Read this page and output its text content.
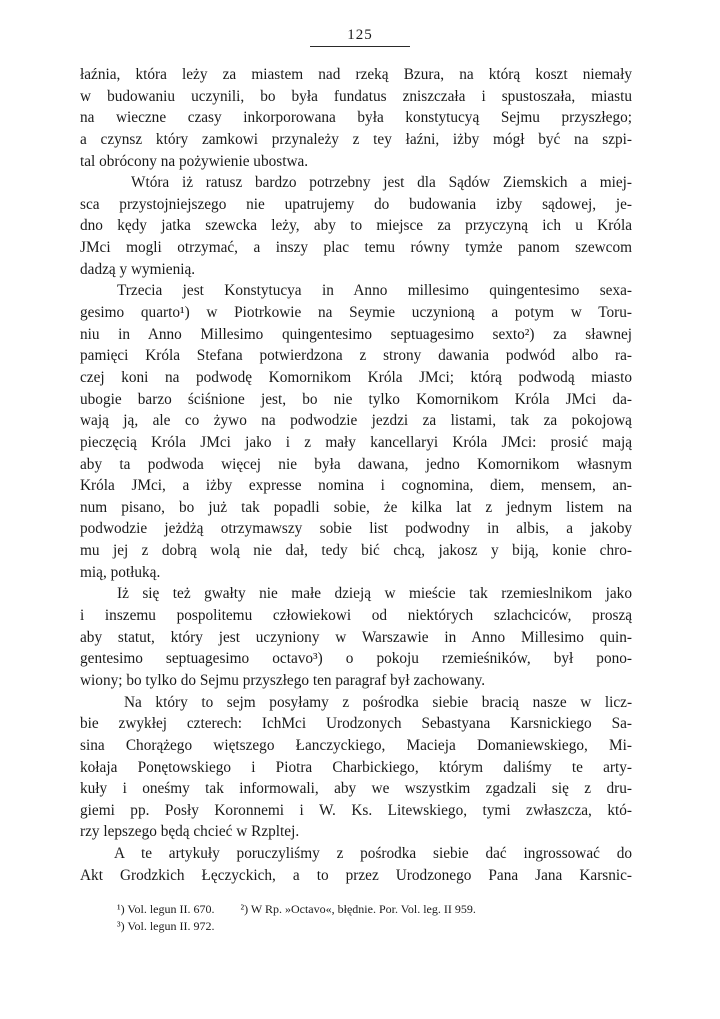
125
łaźnia, która leży za miastem nad rzeką Bzura, na którą koszt niemały
w budowaniu uczynili, bo była fundatus zniszczała i spustoszała, miastu
na wieczne czasy inkorporowana była konstytucyą Sejmu przyszłego;
a czynsz który zamkowi przynależy z tey łaźni, iżby mógł być na szpi-
tal obrócony na pożywienie ubostwa.
Wtóra iż ratusz bardzo potrzebny jest dla Sądów Ziemskich a miej-
sca przystojniejszego nie upatrujemy do budowania izby sądowej, je-
dno kędy jatka szewcka leży, aby to miejsce za przyczyną ich u Króla
JMci mogli otrzymać, a inszy plac temu równy tymże panom szewcom
dadzą y wymienią.
Trzecia jest Konstytucya in Anno millesimo quingentesimo sexa-
gesimo quarto¹) w Piotrkowie na Seymie uczynioną a potym w Toru-
niu in Anno Millesimo quingentesimo septuagesimo sexto²) za sławnej
pamięci Króla Stefana potwierdzona z strony dawania podwód albo ra-
czej koni na podwodę Komornikom Króla JMci; którą podwodą miasto
ubogie barzo ściśnione jest, bo nie tylko Komornikom Króla JMci da-
wają ją, ale co żywo na podwodzie jezdzi za listami, tak za pokojową
pieczęcią Króla JMci jako i z mały kancellaryi Króla JMci: prosić mają
aby ta podwoda więcej nie była dawana, jedno Komornikom własnym
Króla JMci, a iżby expresse nomina i cognomina, diem, mensem, an-
num pisano, bo już tak popadli sobie, że kilka lat z jednym listem na
podwodzie jeżdżą otrzymawszy sobie list podwodny in albis, a jakoby
mu jej z dobrą wolą nie dał, tedy bić chcą, jakosz y biją, konie chro-
mią, potłuką.
Iż się też gwałty nie małe dzieją w mieście tak rzemieslnikom jako
i inszemu pospolitemu człowiekowi od niektórych szlachciców, proszą
aby statut, który jest uczyniony w Warszawie in Anno Millesimo quin-
gentesimo septuagesimo octavo³) o pokoju rzemieśników, był pono-
wiony; bo tylko do Sejmu przyszłego ten paragraf był zachowany.
Na który to sejm posyłamy z pośrodka siebie bracią nasze w licz-
bie zwykłej czterech: IchMci Urodzonych Sebastyana Karsnickiego Sa-
sina Chorążego więtszego Łanczyckiego, Macieja Domaniewskiego, Mi-
kołaja Ponętowskiego i Piotra Charbickiego, którym daliśmy te arty-
kuły i oneśmy tak informowali, aby we wszystkim zgadzali się z dru-
giemi pp. Posły Koronnemi i W. Ks. Litewskiego, tymi zwłaszcza, któ-
rzy lepszego będą chcieć w Rzpltej.
A te artykuły poruczyliśmy z pośrodka siebie dać ingrossować do
Akt Grodzkich Łęczyckich, a to przez Urodzonego Pana Jana Karsnic-
¹) Vol. legun II. 670. ²) W Rp. »Octavo«, błędnie. Por. Vol. leg. II 959.
³) Vol. legun II. 972.
